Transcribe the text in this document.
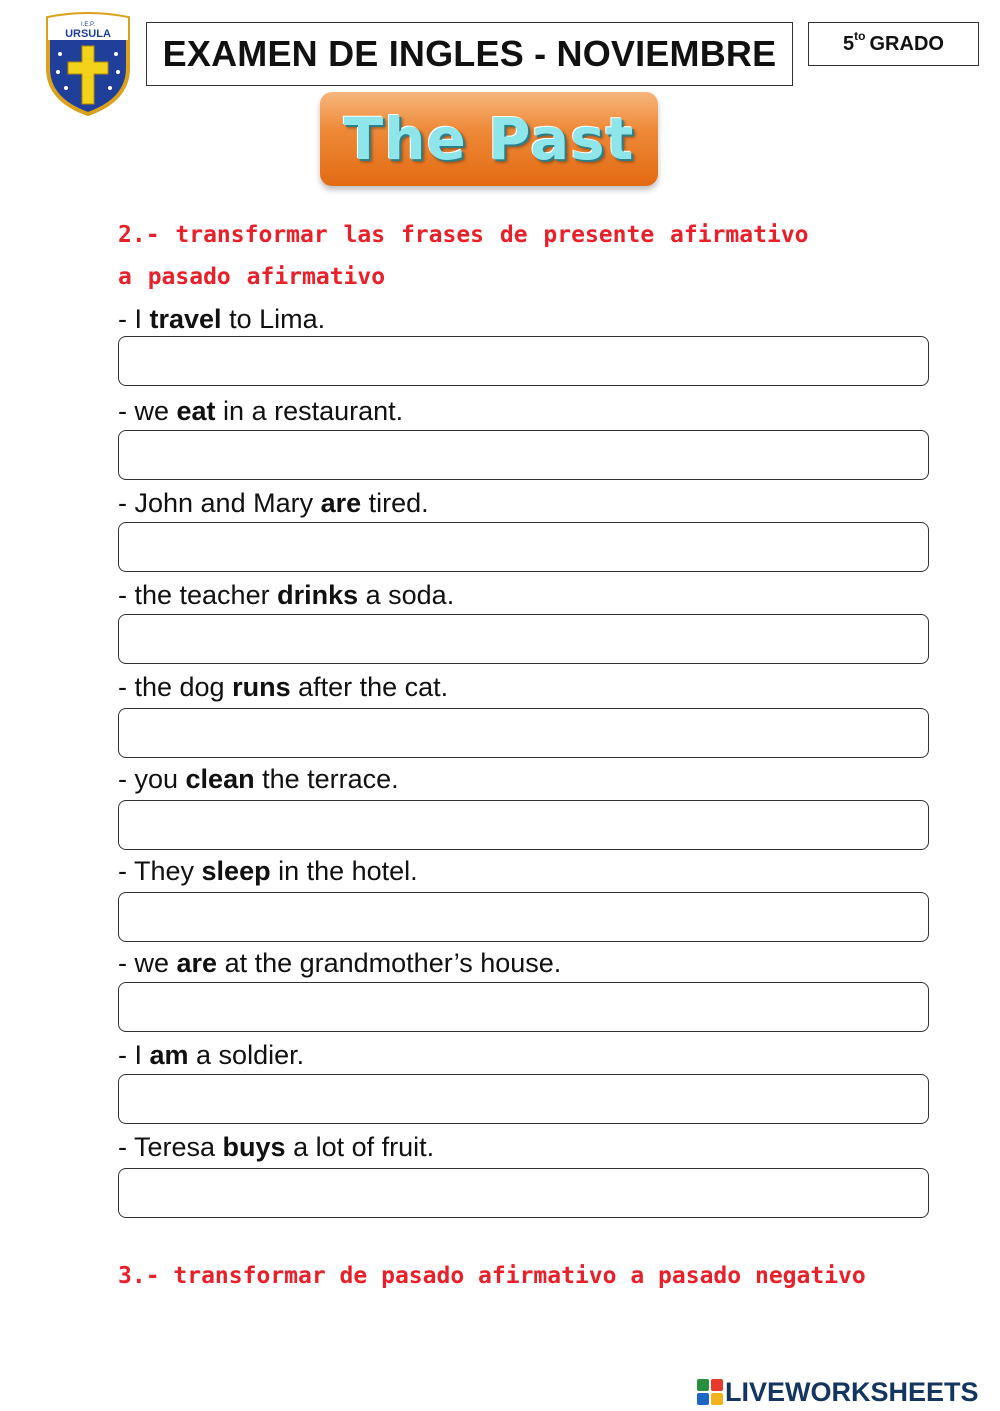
I.E.P.
URSULA	EXAMEN DE INGLES - NOVIEMBRE	$5^{to}$ GRADO
The Past
2.- transformar las frases de presente afirmativo a pasado afirmativo
- I travel to Lima.
- we eat in a restaurant.
- John and Mary are tired.
- the teacher drinks a soda.
- the dog runs after the cat.
- you clean the terrace.
- They sleep in the hotel.
- we are at the grandmother’s house.
- I am a soldier.
- Teresa buys a lot of fruit.
3.- transformar de pasado afirmativo a pasado negativo
LIVEWORKSHEETS
